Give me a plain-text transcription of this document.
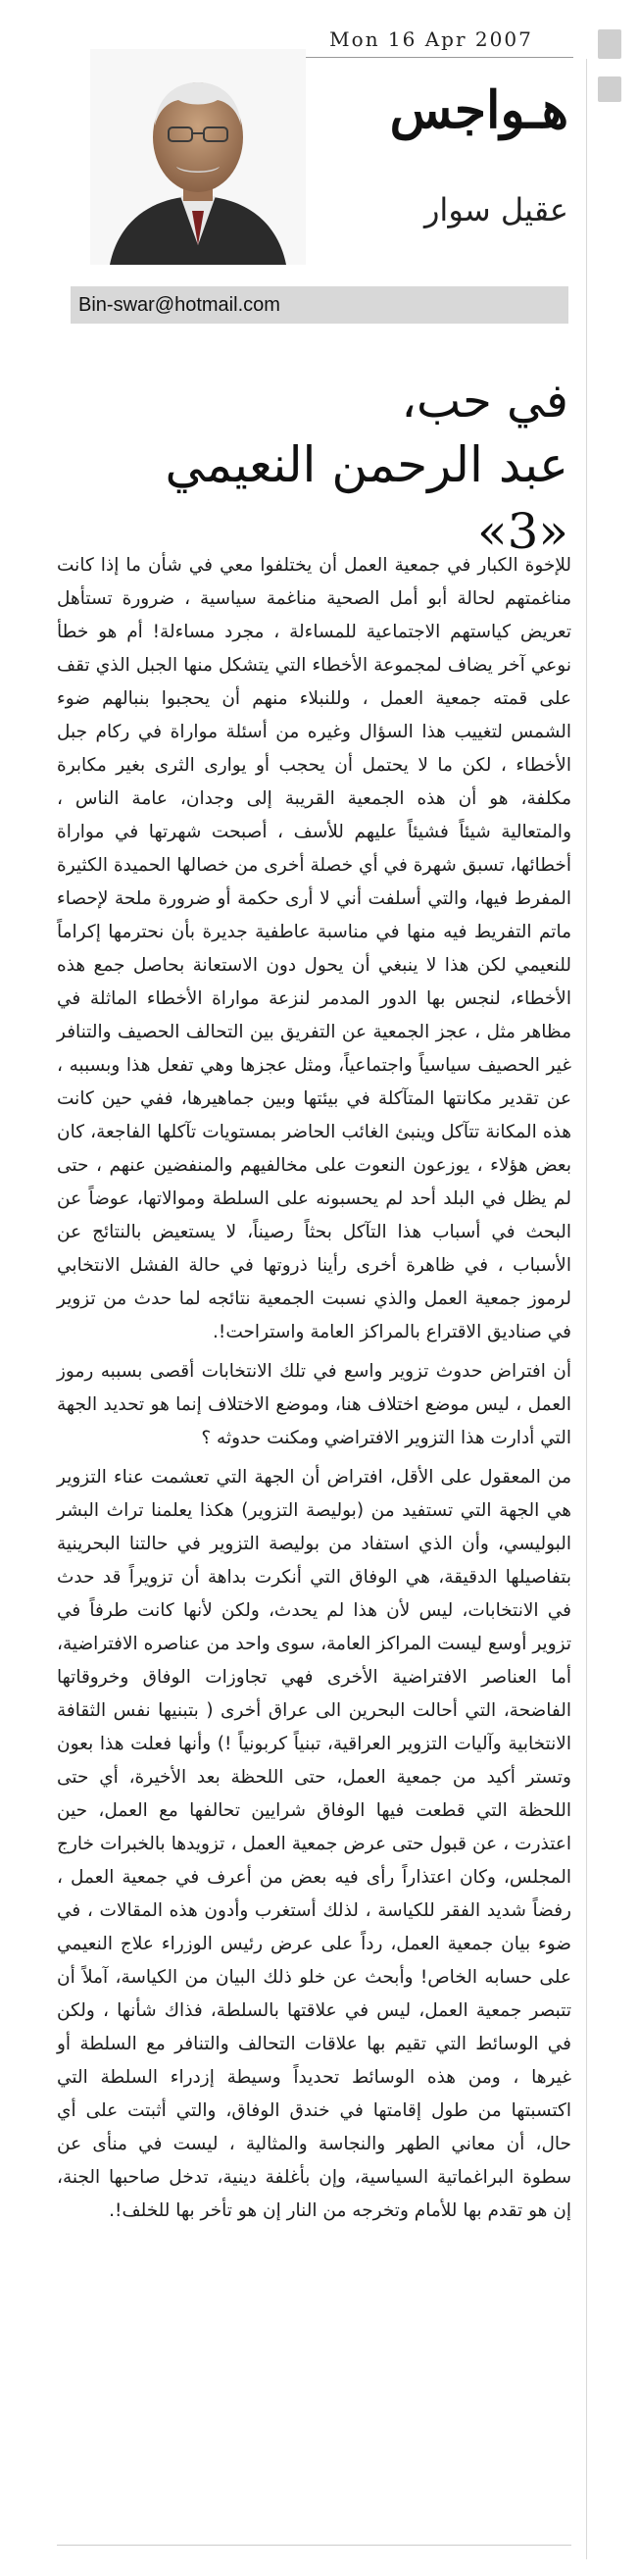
Mon 16 Apr 2007
هـواجس
عقيل سوار
Bin-swar@hotmail.com
في حب،
عبد الرحمن النعيمي «3»

للإخوة الكبار في جمعية العمل أن يختلفوا معي في شأن ما إذا كانت مناغمتهم لحالة أبو أمل الصحية مناغمة سياسية ، ضرورة تستأهل تعريض كياستهم الاجتماعية للمساءلة ، مجرد مساءلة! أم هو خطأ نوعي آخر يضاف لمجموعة الأخطاء التي يتشكل منها الجبل الذي تقف على قمته جمعية العمل ، وللنبلاء منهم أن يحجبوا بنبالهم ضوء الشمس لتغييب هذا السؤال وغيره من أسئلة مواراة في ركام جبل الأخطاء ، لكن ما لا يحتمل أن يحجب أو يوارى الثرى بغير مكابرة مكلفة، هو أن هذه الجمعية القريبة إلى وجدان، عامة الناس ، والمتعالية شيئاً فشيئاً عليهم للأسف ، أصبحت شهرتها في مواراة أخطائها، تسبق شهرة في أي خصلة أخرى من خصالها الحميدة الكثيرة المفرط فيها، والتي أسلفت أني لا أرى حكمة أو ضرورة ملحة لإحصاء ماتم التفريط فيه منها في مناسبة عاطفية جديرة بأن نحترمها إكراماً للنعيمي لكن هذا لا ينبغي أن يحول دون الاستعانة بحاصل جمع هذه الأخطاء، لنجس بها الدور المدمر لنزعة مواراة الأخطاء الماثلة في مظاهر مثل ، عجز الجمعية عن التفريق بين التحالف الحصيف والتنافر غير الحصيف سياسياً واجتماعياً، ومثل عجزها وهي تفعل هذا وبسببه ، عن تقدير مكانتها المتآكلة في بيئتها وبين جماهيرها، ففي حين كانت هذه المكانة تتآكل وينبئ الغائب الحاضر بمستويات تآكلها الفاجعة، كان بعض هؤلاء ، يوزعون النعوت على مخالفيهم والمنفضين عنهم ، حتى لم يظل في البلد أحد لم يحسبونه على السلطة وموالاتها، عوضاً عن البحث في أسباب هذا التآكل بحثاً رصيناً، لا يستعيض بالنتائج عن الأسباب ، في ظاهرة أخرى رأينا ذروتها في حالة الفشل الانتخابي لرموز جمعية العمل والذي نسبت الجمعية نتائجه لما حدث من تزوير في صناديق الاقتراع بالمراكز العامة واستراحت!.

أن افتراض حدوث تزوير واسع في تلك الانتخابات أقصى بسببه رموز العمل ، ليس موضع اختلاف هنا، وموضع الاختلاف إنما هو تحديد الجهة التي أدارت هذا التزوير الافتراضي ومكنت حدوثه ؟

من المعقول على الأقل، افتراض أن الجهة التي تعشمت عناء التزوير هي الجهة التي تستفيد من (بوليصة التزوير) هكذا يعلمنا تراث البشر البوليسي، وأن الذي استفاد من بوليصة التزوير في حالتنا البحرينية بتفاصيلها الدقيقة، هي الوفاق التي أنكرت بداهة أن تزويراً قد حدث في الانتخابات، ليس لأن هذا لم يحدث، ولكن لأنها كانت طرفاً في تزوير أوسع ليست المراكز العامة، سوى واحد من عناصره الافتراضية، أما العناصر الافتراضية الأخرى فهي تجاوزات الوفاق وخروقاتها الفاضحة، التي أحالت البحرين الى عراق أخرى ( بتبنيها نفس الثقافة الانتخابية وآليات التزوير العراقية، تبنياً كربونياً !) وأنها فعلت هذا بعون وتستر أكيد من جمعية العمل، حتى اللحظة بعد الأخيرة، أي حتى اللحظة التي قطعت فيها الوفاق شرايين تحالفها مع العمل، حين اعتذرت ، عن قبول حتى عرض جمعية العمل ، تزويدها بالخبرات خارج المجلس، وكان اعتذاراً رأى فيه بعض من أعرف في جمعية العمل ، رفضاً شديد الفقر للكياسة ، لذلك أستغرب وأدون هذه المقالات ، في ضوء بيان جمعية العمل، رداً على عرض رئيس الوزراء علاج النعيمي على حسابه الخاص! وأبحث عن خلو ذلك البيان من الكياسة، آملاً أن تتبصر جمعية العمل، ليس في علاقتها بالسلطة، فذاك شأنها ، ولكن في الوسائط التي تقيم بها علاقات التحالف والتنافر مع السلطة أو غيرها ، ومن هذه الوسائط تحديداً وسيطة إزدراء السلطة التي اكتسبتها من طول إقامتها في خندق الوفاق، والتي أثبتت على أي حال، أن معاني الطهر والنجاسة والمثالية ، ليست في منأى عن سطوة البراغماتية السياسية، وإن بأغلفة دينية، تدخل صاحبها الجنة، إن هو تقدم بها للأمام وتخرجه من النار إن هو تأخر بها للخلف!.
